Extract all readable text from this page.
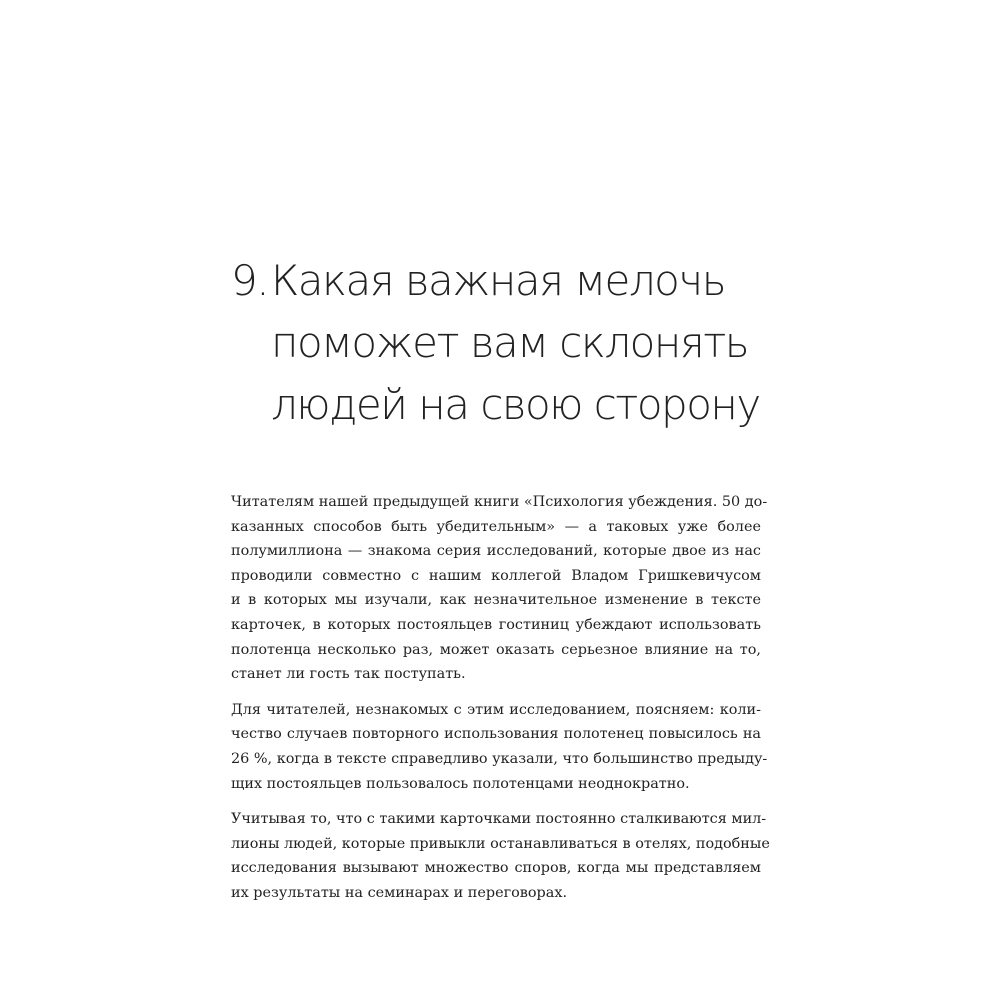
9.Какая важная мелочь
поможет вам склонять
людей на свою сторону

Читателям нашей предыдущей книги «Психология убеждения. 50 до-
казанных способов быть убедительным» — а таковых уже более
полумиллиона — знакома серия исследований, которые двое из нас
проводили совместно с нашим коллегой Владом Гришкевичусом
и в которых мы изучали, как незначительное изменение в тексте
карточек, в которых постояльцев гостиниц убеждают использовать
полотенца несколько раз, может оказать серьезное влияние на то,
станет ли гость так поступать.

Для читателей, незнакомых с этим исследованием, поясняем: коли-
чество случаев повторного использования полотенец повысилось на
26 %, когда в тексте справедливо указали, что большинство предыду-
щих постояльцев пользовалось полотенцами неоднократно.

Учитывая то, что с такими карточками постоянно сталкиваются мил-
лионы людей, которые привыкли останавливаться в отелях, подобные
исследования вызывают множество споров, когда мы представляем
их результаты на семинарах и переговорах.
